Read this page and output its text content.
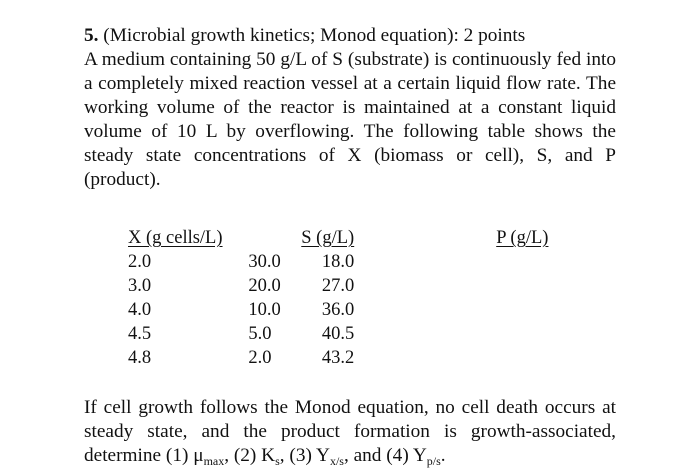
5. (Microbial growth kinetics; Monod equation): 2 points
A medium containing 50 g/L of S (substrate) is continuously fed into a completely mixed reaction vessel at a certain liquid flow rate. The working volume of the reactor is maintained at a constant liquid volume of 10 L by overflowing. The following table shows the steady state concentrations of X (biomass or cell), S, and P (product).

X (g cells/L)		S (g/L)	P (g/L)
2.0	30.0	18.0	
3.0	20.0	27.0	
4.0	10.0	36.0	
4.5	5.0	40.5	
4.8	2.0	43.2	

If cell growth follows the Monod equation, no cell death occurs at steady state, and the product formation is growth-associated, determine (1) $\mu_{max}$, (2) $K_s$, (3) $Y_{x/s}$, and (4) $Y_{p/s}$.
